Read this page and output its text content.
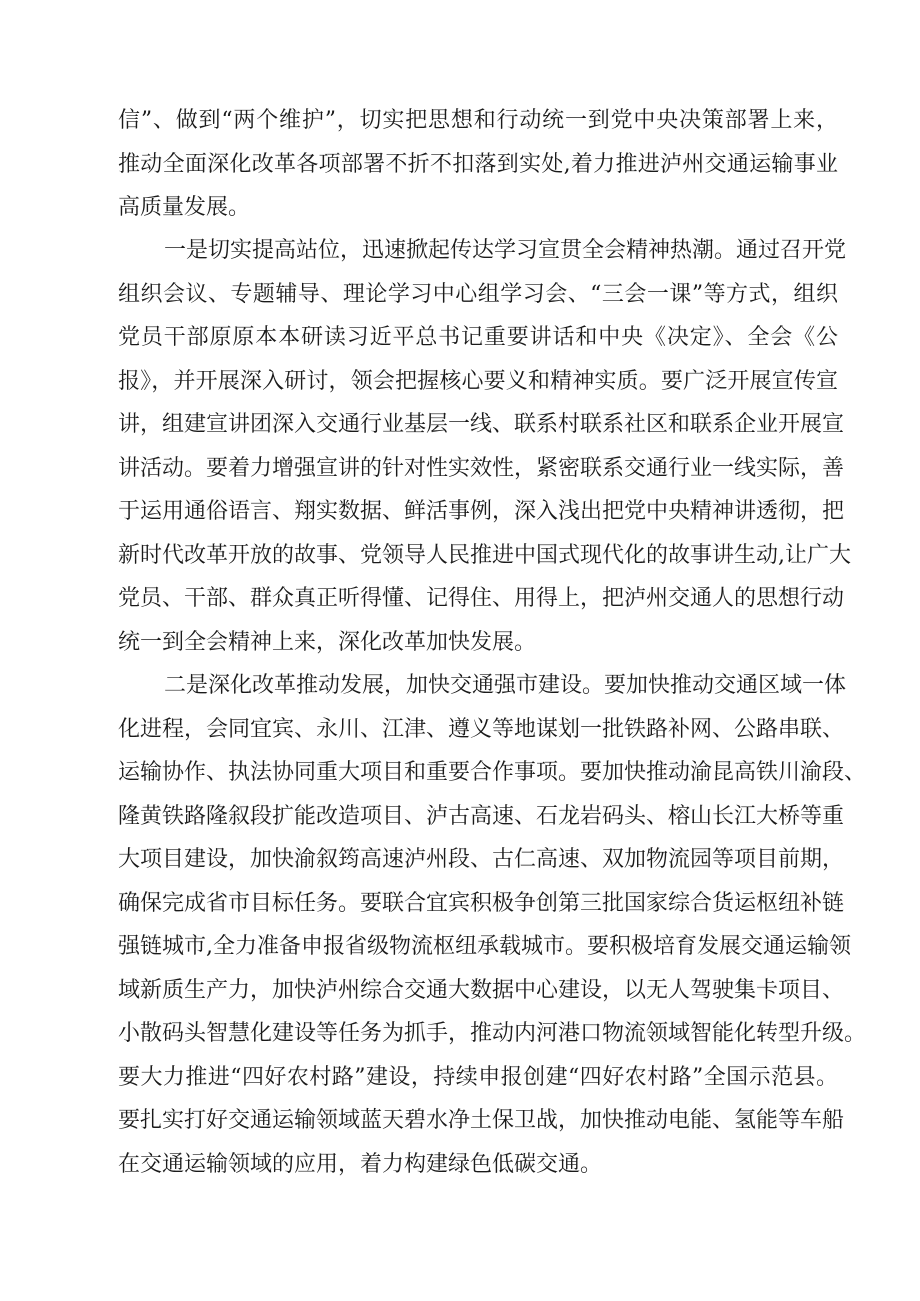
信”、做到“两个维护”，切实把思想和行动统一到党中央决策部署上来，
推动全面深化改革各项部署不折不扣落到实处,着力推进泸州交通运输事业
高质量发展。
一是切实提高站位，迅速掀起传达学习宣贯全会精神热潮。通过召开党
组织会议、专题辅导、理论学习中心组学习会、“三会一课”等方式，组织
党员干部原原本本研读习近平总书记重要讲话和中央《决定》、全会《公
报》，并开展深入研讨，领会把握核心要义和精神实质。要广泛开展宣传宣
讲，组建宣讲团深入交通行业基层一线、联系村联系社区和联系企业开展宣
讲活动。要着力增强宣讲的针对性实效性，紧密联系交通行业一线实际，善
于运用通俗语言、翔实数据、鲜活事例，深入浅出把党中央精神讲透彻，把
新时代改革开放的故事、党领导人民推进中国式现代化的故事讲生动,让广大
党员、干部、群众真正听得懂、记得住、用得上，把泸州交通人的思想行动
统一到全会精神上来，深化改革加快发展。
二是深化改革推动发展，加快交通强市建设。要加快推动交通区域一体
化进程，会同宜宾、永川、江津、遵义等地谋划一批铁路补网、公路串联、
运输协作、执法协同重大项目和重要合作事项。要加快推动渝昆高铁川渝段、
隆黄铁路隆叙段扩能改造项目、泸古高速、石龙岩码头、榕山长江大桥等重
大项目建设，加快渝叙筠高速泸州段、古仁高速、双加物流园等项目前期，
确保完成省市目标任务。要联合宜宾积极争创第三批国家综合货运枢纽补链
强链城市,全力准备申报省级物流枢纽承载城市。要积极培育发展交通运输领
域新质生产力，加快泸州综合交通大数据中心建设，以无人驾驶集卡项目、
小散码头智慧化建设等任务为抓手，推动内河港口物流领域智能化转型升级。
要大力推进“四好农村路”建设，持续申报创建“四好农村路”全国示范县。
要扎实打好交通运输领域蓝天碧水净土保卫战，加快推动电能、氢能等车船
在交通运输领域的应用，着力构建绿色低碳交通。
